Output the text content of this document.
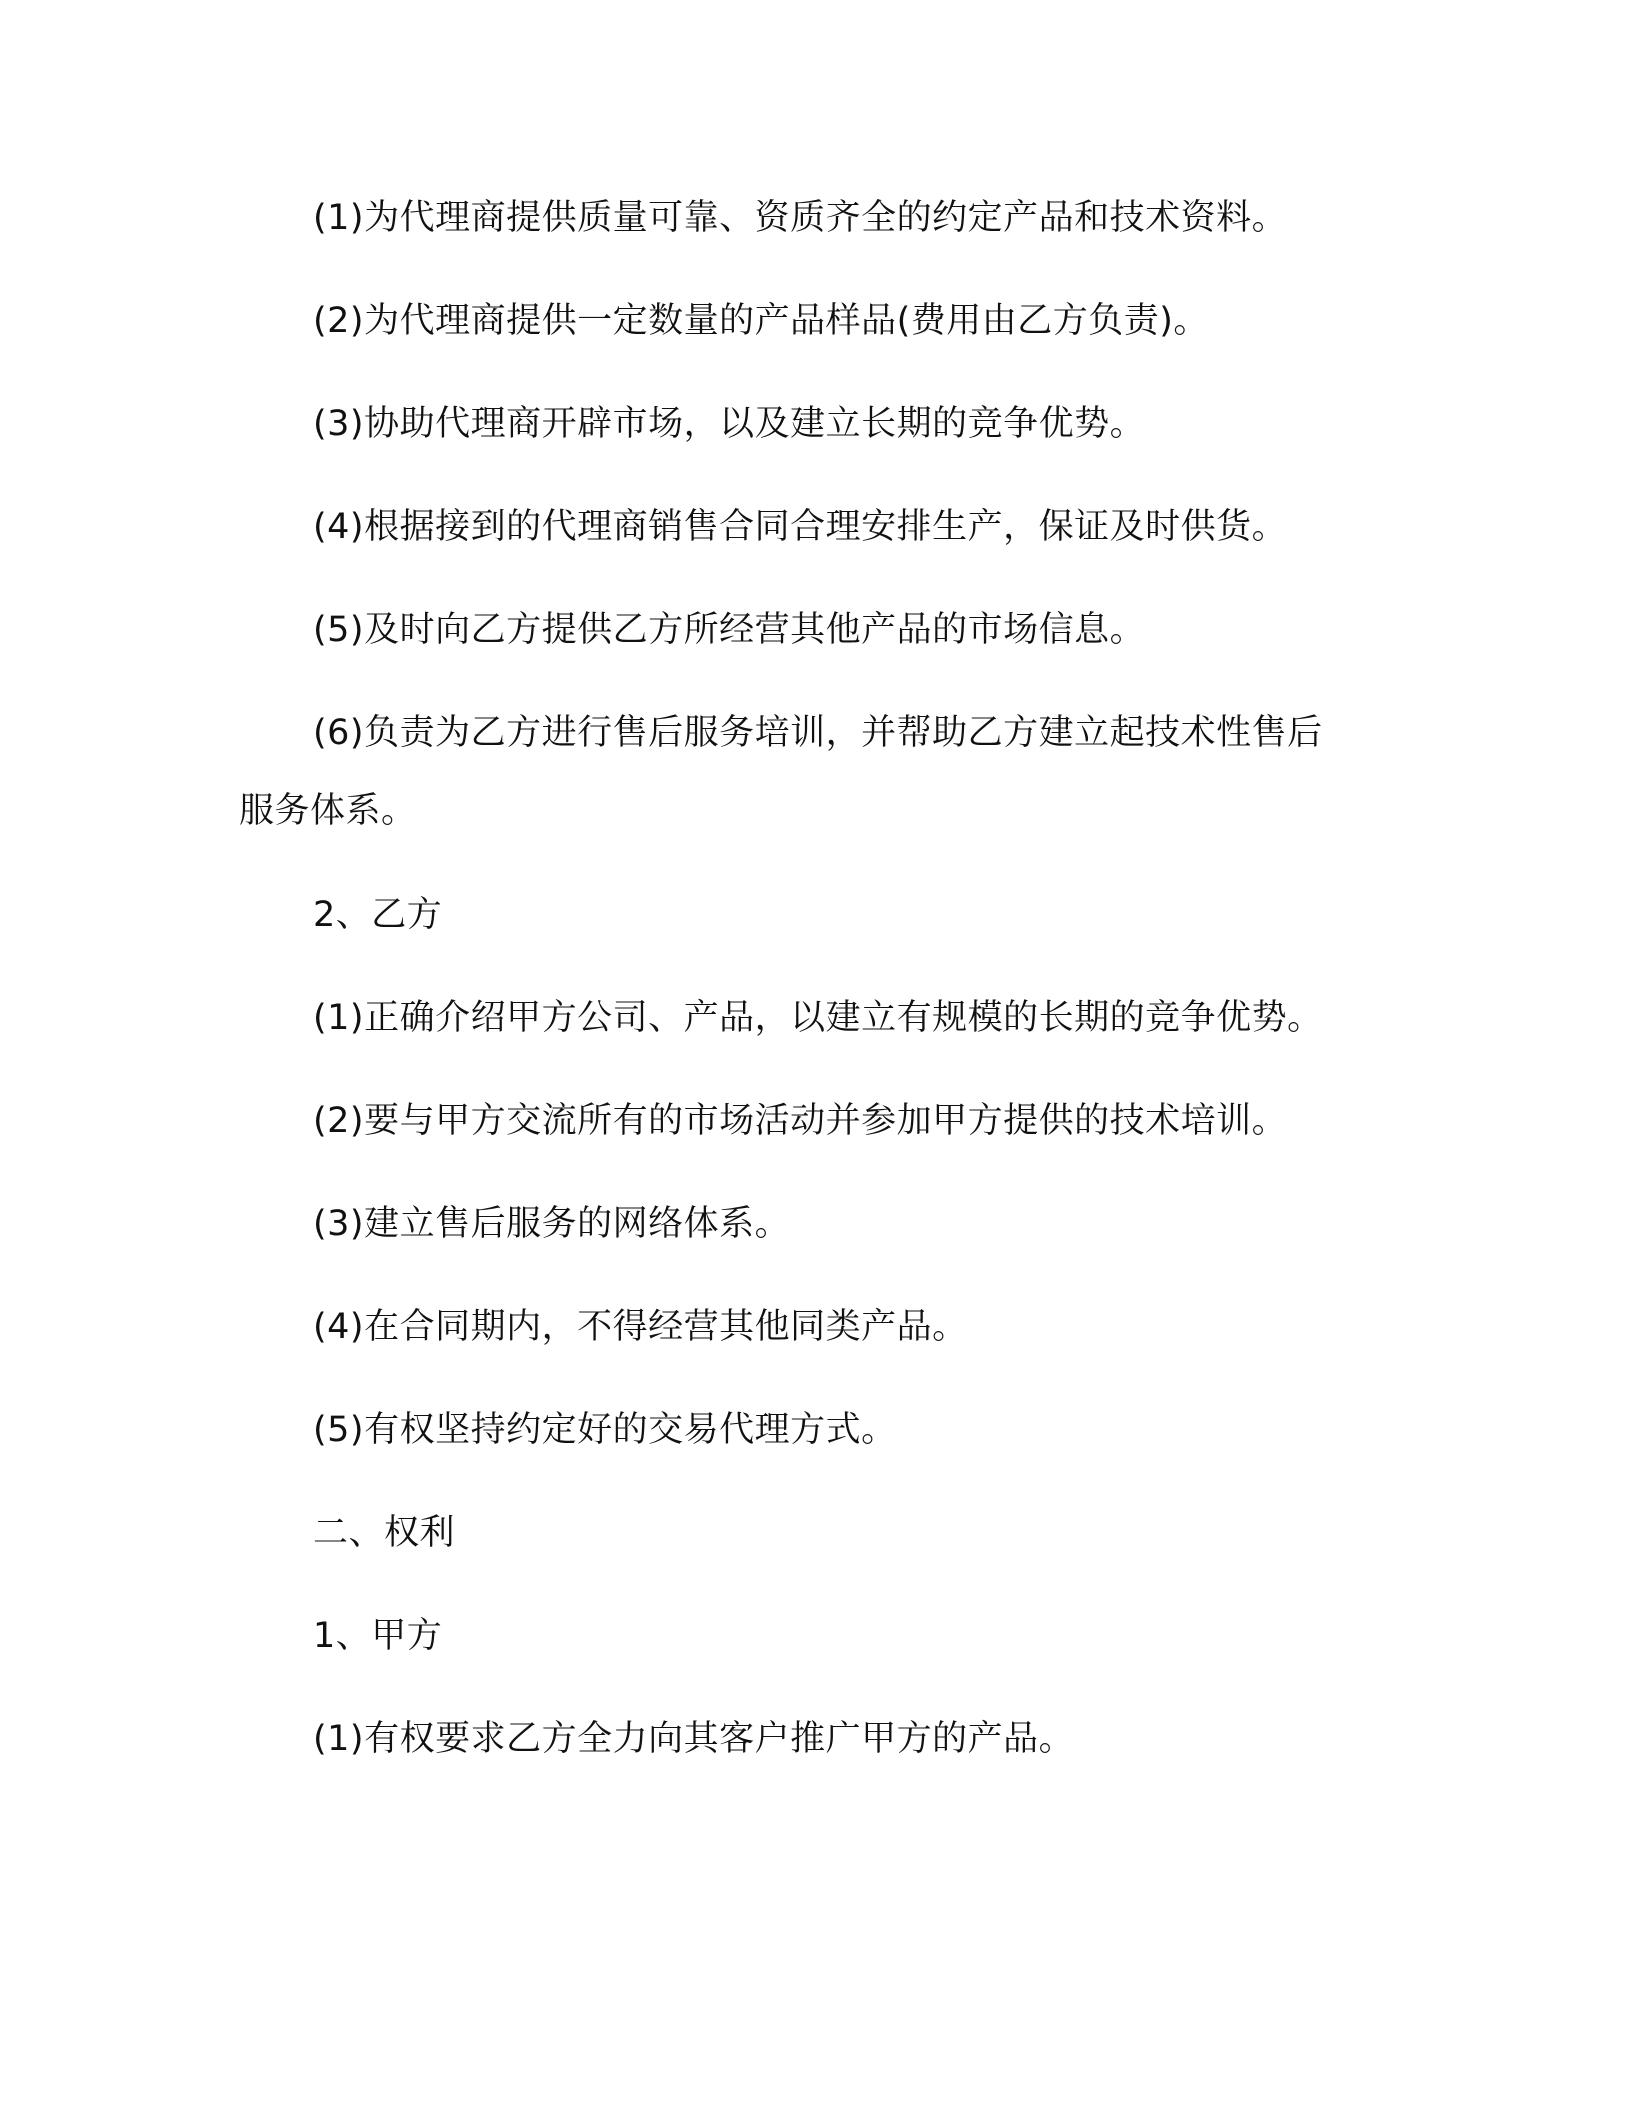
(1)为代理商提供质量可靠、资质齐全的约定产品和技术资料。
(2)为代理商提供一定数量的产品样品(费用由乙方负责)。
(3)协助代理商开辟市场，以及建立长期的竞争优势。
(4)根据接到的代理商销售合同合理安排生产，保证及时供货。
(5)及时向乙方提供乙方所经营其他产品的市场信息。
(6)负责为乙方进行售后服务培训，并帮助乙方建立起技术性售后
服务体系。
2、乙方
(1)正确介绍甲方公司、产品，以建立有规模的长期的竞争优势。
(2)要与甲方交流所有的市场活动并参加甲方提供的技术培训。
(3)建立售后服务的网络体系。
(4)在合同期内，不得经营其他同类产品。
(5)有权坚持约定好的交易代理方式。
二、权利
1、甲方
(1)有权要求乙方全力向其客户推广甲方的产品。
